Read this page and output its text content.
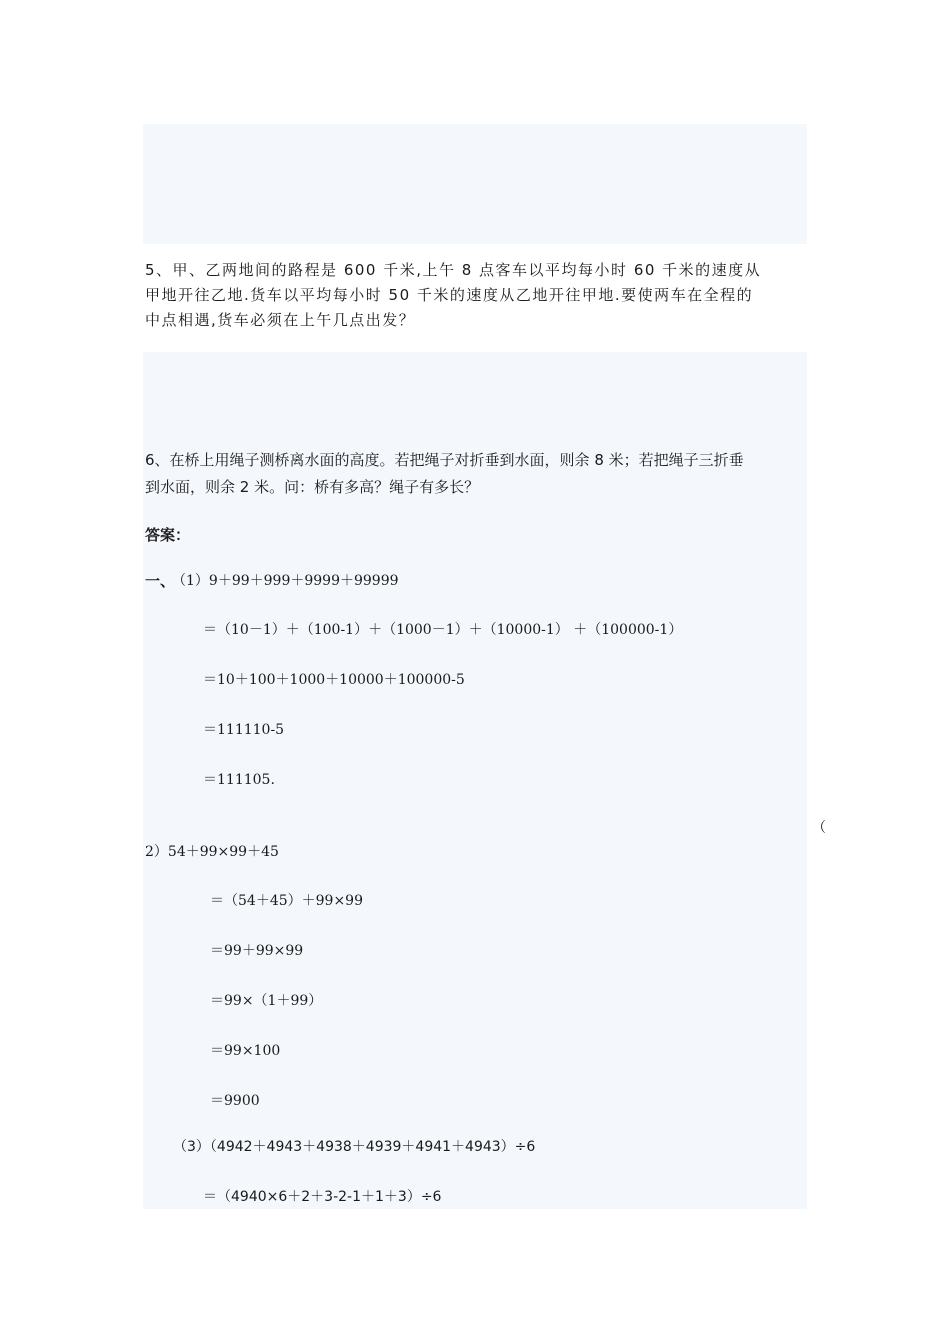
5、甲、乙两地间的路程是 600 千米,上午 8 点客车以平均每小时 60 千米的速度从
甲地开往乙地.货车以平均每小时 50 千米的速度从乙地开往甲地.要使两车在全程的
中点相遇,货车必须在上午几点出发？
6、在桥上用绳子测桥离水面的高度。若把绳子对折垂到水面，则余 8 米；若把绳子三折垂
到水面，则余 2 米。问：桥有多高？绳子有多长？
答案：
一、
（1）9＋99＋999＋9999＋99999
＝（10－1）＋（100-1）＋（1000－1）＋（10000-1） ＋（100000-1）
＝10＋100＋1000＋10000＋100000-5
＝111110-5
＝111105.
（
2）54＋99×99＋45
＝（54＋45）＋99×99
＝99＋99×99
＝99×（1＋99）
＝99×100
＝9900
（3）（4942＋4943＋4938＋4939＋4941＋4943）÷6
＝（4940×6＋2＋3-2-1＋1＋3）÷6
